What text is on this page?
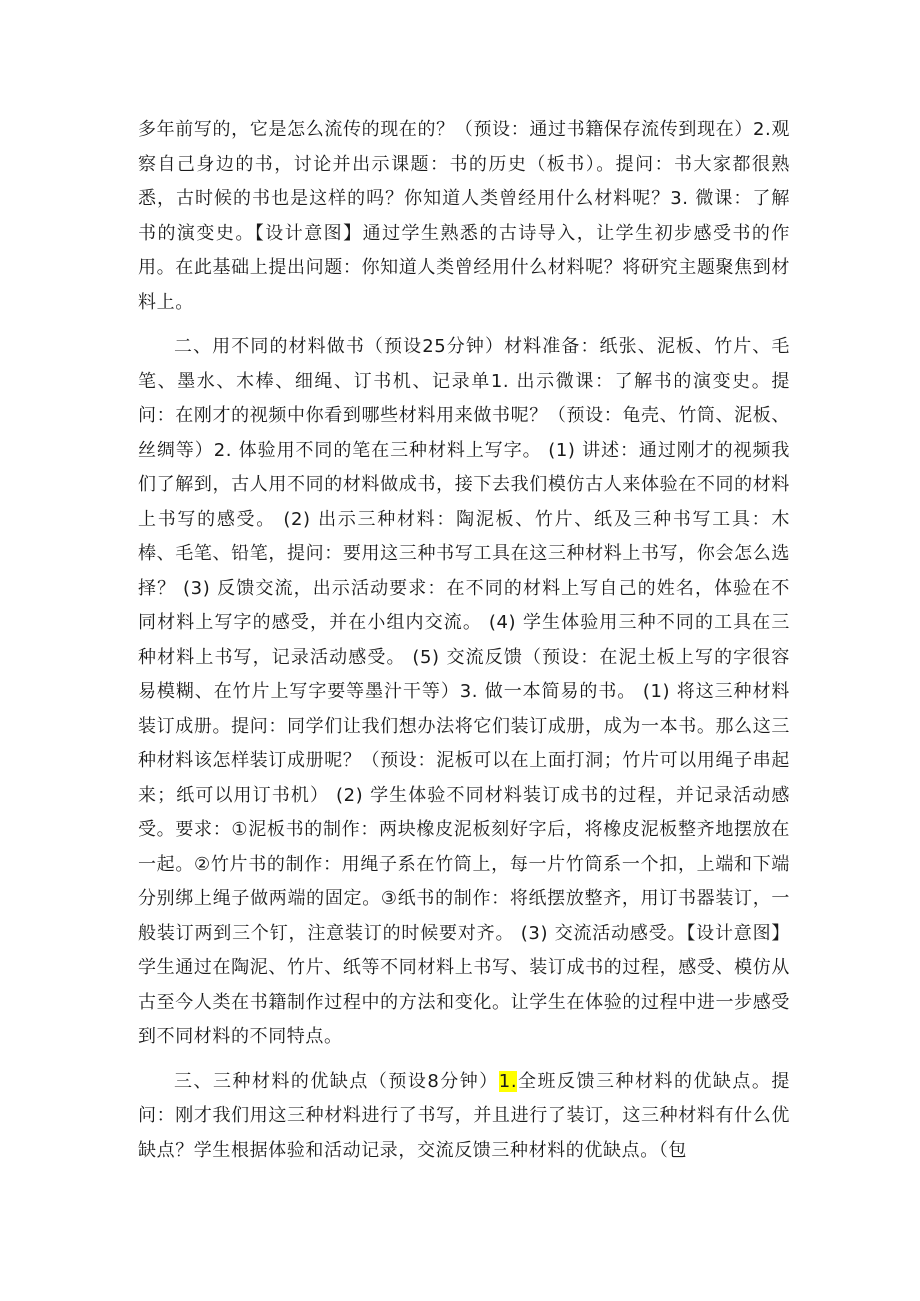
多年前写的，它是怎么流传的现在的？（预设：通过书籍保存流传到现在）2.观察自己身边的书，讨论并出示课题：书的历史（板书）。提问：书大家都很熟悉，古时候的书也是这样的吗？你知道人类曾经用什么材料呢？3. 微课：了解书的演变史。【设计意图】通过学生熟悉的古诗导入，让学生初步感受书的作用。在此基础上提出问题：你知道人类曾经用什么材料呢？将研究主题聚焦到材料上。

二、用不同的材料做书（预设25分钟）材料准备：纸张、泥板、竹片、毛笔、墨水、木棒、细绳、订书机、记录单1. 出示微课：了解书的演变史。提问：在刚才的视频中你看到哪些材料用来做书呢？（预设：龟壳、竹筒、泥板、丝绸等）2. 体验用不同的笔在三种材料上写字。 (1) 讲述：通过刚才的视频我们了解到，古人用不同的材料做成书，接下去我们模仿古人来体验在不同的材料上书写的感受。 (2) 出示三种材料：陶泥板、竹片、纸及三种书写工具：木棒、毛笔、铅笔，提问：要用这三种书写工具在这三种材料上书写，你会怎么选择？ (3) 反馈交流，出示活动要求：在不同的材料上写自己的姓名，体验在不同材料上写字的感受，并在小组内交流。 (4) 学生体验用三种不同的工具在三种材料上书写，记录活动感受。 (5) 交流反馈（预设：在泥土板上写的字很容易模糊、在竹片上写字要等墨汁干等）3. 做一本简易的书。 (1) 将这三种材料装订成册。提问：同学们让我们想办法将它们装订成册，成为一本书。那么这三种材料该怎样装订成册呢？（预设：泥板可以在上面打洞；竹片可以用绳子串起来；纸可以用订书机） (2) 学生体验不同材料装订成书的过程，并记录活动感受。要求：①泥板书的制作：两块橡皮泥板刻好字后，将橡皮泥板整齐地摆放在一起。②竹片书的制作：用绳子系在竹筒上，每一片竹筒系一个扣，上端和下端分别绑上绳子做两端的固定。③纸书的制作：将纸摆放整齐，用订书器装订，一般装订两到三个钉，注意装订的时候要对齐。 (3) 交流活动感受。【设计意图】学生通过在陶泥、竹片、纸等不同材料上书写、装订成书的过程，感受、模仿从古至今人类在书籍制作过程中的方法和变化。让学生在体验的过程中进一步感受到不同材料的不同特点。

三、三种材料的优缺点（预设8分钟）1.全班反馈三种材料的优缺点。提问：刚才我们用这三种材料进行了书写，并且进行了装订，这三种材料有什么优缺点？学生根据体验和活动记录，交流反馈三种材料的优缺点。（包
